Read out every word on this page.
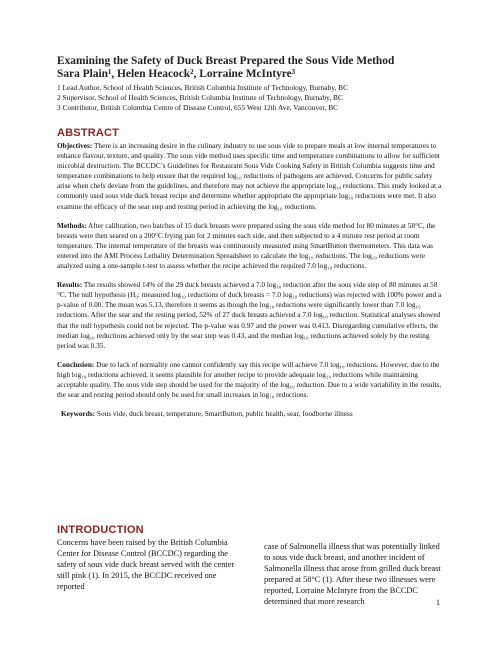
Examining the Safety of Duck Breast Prepared the Sous Vide Method

Sara Plain¹, Helen Heacock², Lorraine McIntyre³

1 Lead Author, School of Health Sciences, British Columbia Institute of Technology, Burnaby, BC

2 Supervisor, School of Health Sciences, British Columbia Institute of Technology, Burnaby, BC

3 Contributor, British Columbia Centre of Disease Control, 655 West 12th Ave, Vancouver, BC

ABSTRACT

Objectives: There is an increasing desire in the culinary industry to use sous vide to prepare meals at low internal temperatures to enhance flavour, texture, and quality. The sous vide method uses specific time and temperature combinations to allow for sufficient microbial destruction. The BCCDC’s Guidelines for Restaurant Sous Vide Cooking Safety in British Columbia suggests time and temperature combinations to help ensure that the required log₁₀ reductions of pathogens are achieved. Concerns for public safety arise when chefs deviate from the guidelines, and therefore may not achieve the appropriate log₁₀ reductions. This study looked at a commonly used sous vide duck breast recipe and determine whether appropriate the appropriate log₁₀ reductions were met. It also examine the efficacy of the sear step and resting period in achieving the log₁₀ reductions.

Methods: After calibration, two batches of 15 duck breasts were prepared using the sous vide method for 80 minutes at 58°C, the breasts were then seared on a 200°C frying pan for 2 minutes each side, and then subjected to a 4 minute rest period at room temperature. The internal temperature of the breasts was continuously measured using SmartButton thermometers. This data was entered into the AMI Process Lethality Determination Spreadsheet to calculate the log₁₀ reductions. The log₁₀ reductions were analyzed using a one-sample t-test to assess whether the recipe achieved the required 7.0 log₁₀ reductions.

Results: The results showed 14% of the 29 duck breasts achieved a 7.0 log₁₀ reduction after the sous vide step of 80 minutes at 58 °C. The null hypothesis (H₀: measured log₁₀ reductions of duck breasts = 7.0 log₁₀ reductions) was rejected with 100% power and a p-value of 0.00. The mean was 5.13, therefore it seems as though the log₁₀ reductions were significantly lower than 7.0 log₁₀ reductions. After the sear and the resting period, 52% of 27 duck breasts achieved a 7.0 log₁₀ reduction. Statistical analyses showed that the null hypothesis could not be rejected. The p-value was 0.97 and the power was 0.413. Disregarding cumulative effects, the median log₁₀ reductions achieved only by the sear step was 0.43, and the median log₁₀ reductions achieved solely by the resting period was 0.35.

Conclusion: Due to lack of normality one cannot confidently say this recipe will achieve 7.0 log₁₀ reductions. However, due to the high log₁₀ reductions achieved, it seems plausible for another recipe to provide adequate log₁₀ reductions while maintaining acceptable quality. The sous vide step should be used for the majority of the log₁₀ reduction. Due to a wide variability in the results, the sear and resting period should only be used for small increases in log₁₀ reductions.

Keywords: Sous vide, duck breast, temperature, SmartButton, public health, sear, foodborne illness

INTRODUCTION

Concerns have been raised by the British Columbia Center for Disease Control (BCCDC) regarding the safety of sous vide duck breast served with the center still pink (1). In 2015, the BCCDC received one reported

case of Salmonella illness that was potentially linked to sous vide duck breast, and another incident of Salmonella illness that arose from grilled duck breast prepared at 58°C (1). After these two illnesses were reported, Lorraine McIntyre from the BCCDC determined that more research	1
